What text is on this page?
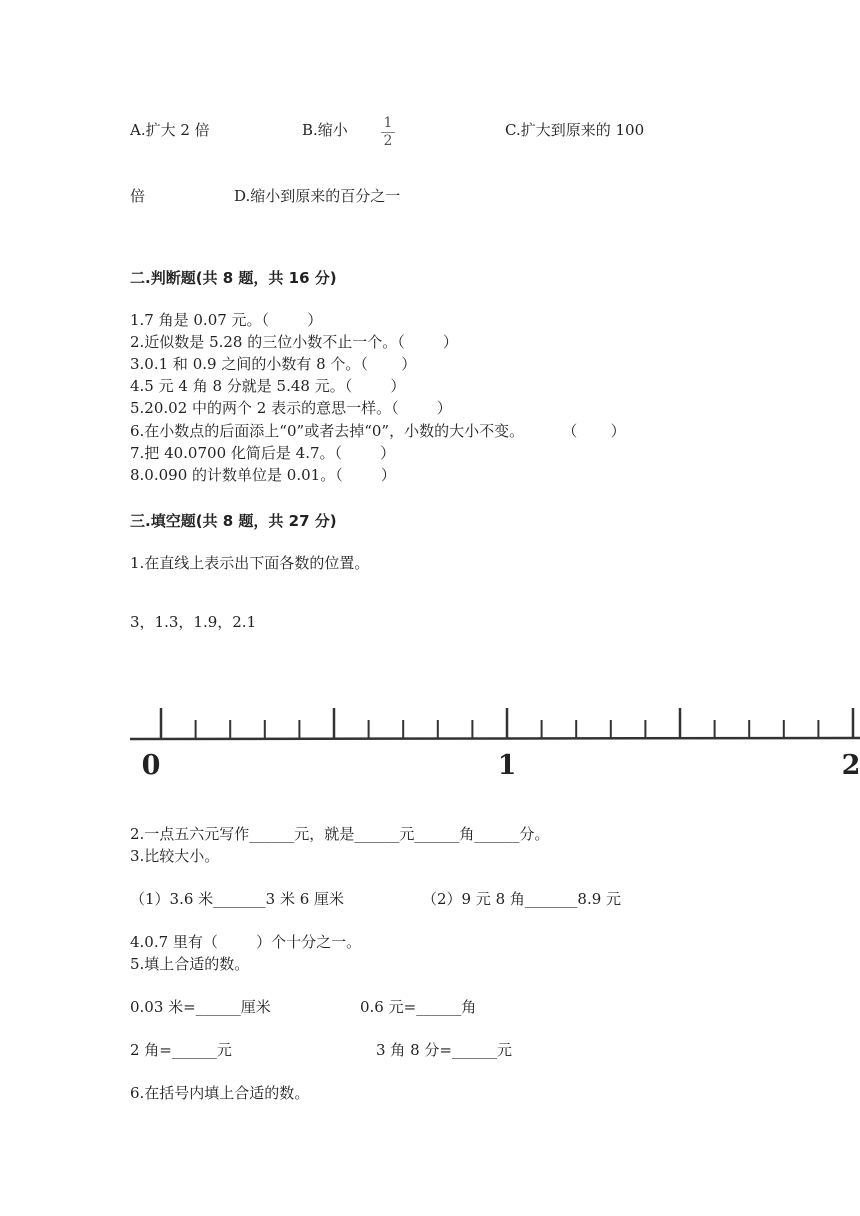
A.扩大 2 倍	B.缩小	1
2
C.扩大到原来的 100
倍	D.缩小到原来的百分之一
二.判断题(共 8 题，共 16 分)
1.7 角是 0.07 元。（        ）
2.近似数是 5.28 的三位小数不止一个。（        ）
3.0.1 和 0.9 之间的小数有 8 个。（       ）
4.5 元 4 角 8 分就是 5.48 元。（        ）
5.20.02 中的两个 2 表示的意思一样。（        ）
6.在小数点的后面添上“0”或者去掉“0”，小数的大小不变。        （       ）
7.把 40.0700 化简后是 4.7。（        ）
8.0.090 的计数单位是 0.01。（        ）
三.填空题(共 8 题，共 27 分)
1.在直线上表示出下面各数的位置。
3，1.3，1.9，2.1
0	1	2
2.一点五六元写作______元，就是______元______角______分。
3.比较大小。
（1）3.6 米_______3 米 6 厘米	（2）9 元 8 角_______8.9 元
4.0.7 里有（        ）个十分之一。
5.填上合适的数。
0.03 米=______厘米	0.6 元=______角
2 角=______元	3 角 8 分=______元
6.在括号内填上合适的数。
